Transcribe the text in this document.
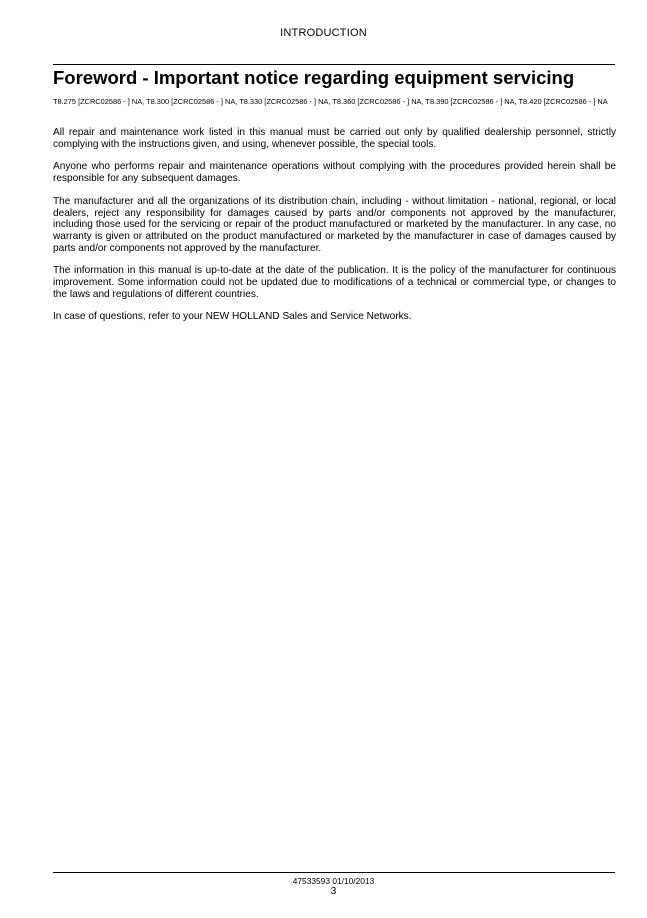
INTRODUCTION
Foreword - Important notice regarding equipment servicing

T8.275 [ZCRC02586 - ] NA, T8.300 [ZCRC02586 - ] NA, T8.330 [ZCRC02586 - ] NA, T8.360 [ZCRC02586 - ] NA, T8.390 [ZCRC02586 - ] NA, T8.420 [ZCRC02586 - ] NA

All repair and maintenance work listed in this manual must be carried out only by qualified dealership personnel, strictly complying with the instructions given, and using, whenever possible, the special tools.

Anyone who performs repair and maintenance operations without complying with the procedures provided herein shall be responsible for any subsequent damages.

The manufacturer and all the organizations of its distribution chain, including - without limitation - national, regional, or local dealers, reject any responsibility for damages caused by parts and/or components not approved by the manufacturer, including those used for the servicing or repair of the product manufactured or marketed by the manufacturer. In any case, no warranty is given or attributed on the product manufactured or marketed by the manufacturer in case of damages caused by parts and/or components not approved by the manufacturer.

The information in this manual is up-to-date at the date of the publication. It is the policy of the manufacturer for continuous improvement. Some information could not be updated due to modifications of a technical or commercial type, or changes to the laws and regulations of different countries.

In case of questions, refer to your NEW HOLLAND Sales and Service Networks.

47533593 01/10/2013
3
